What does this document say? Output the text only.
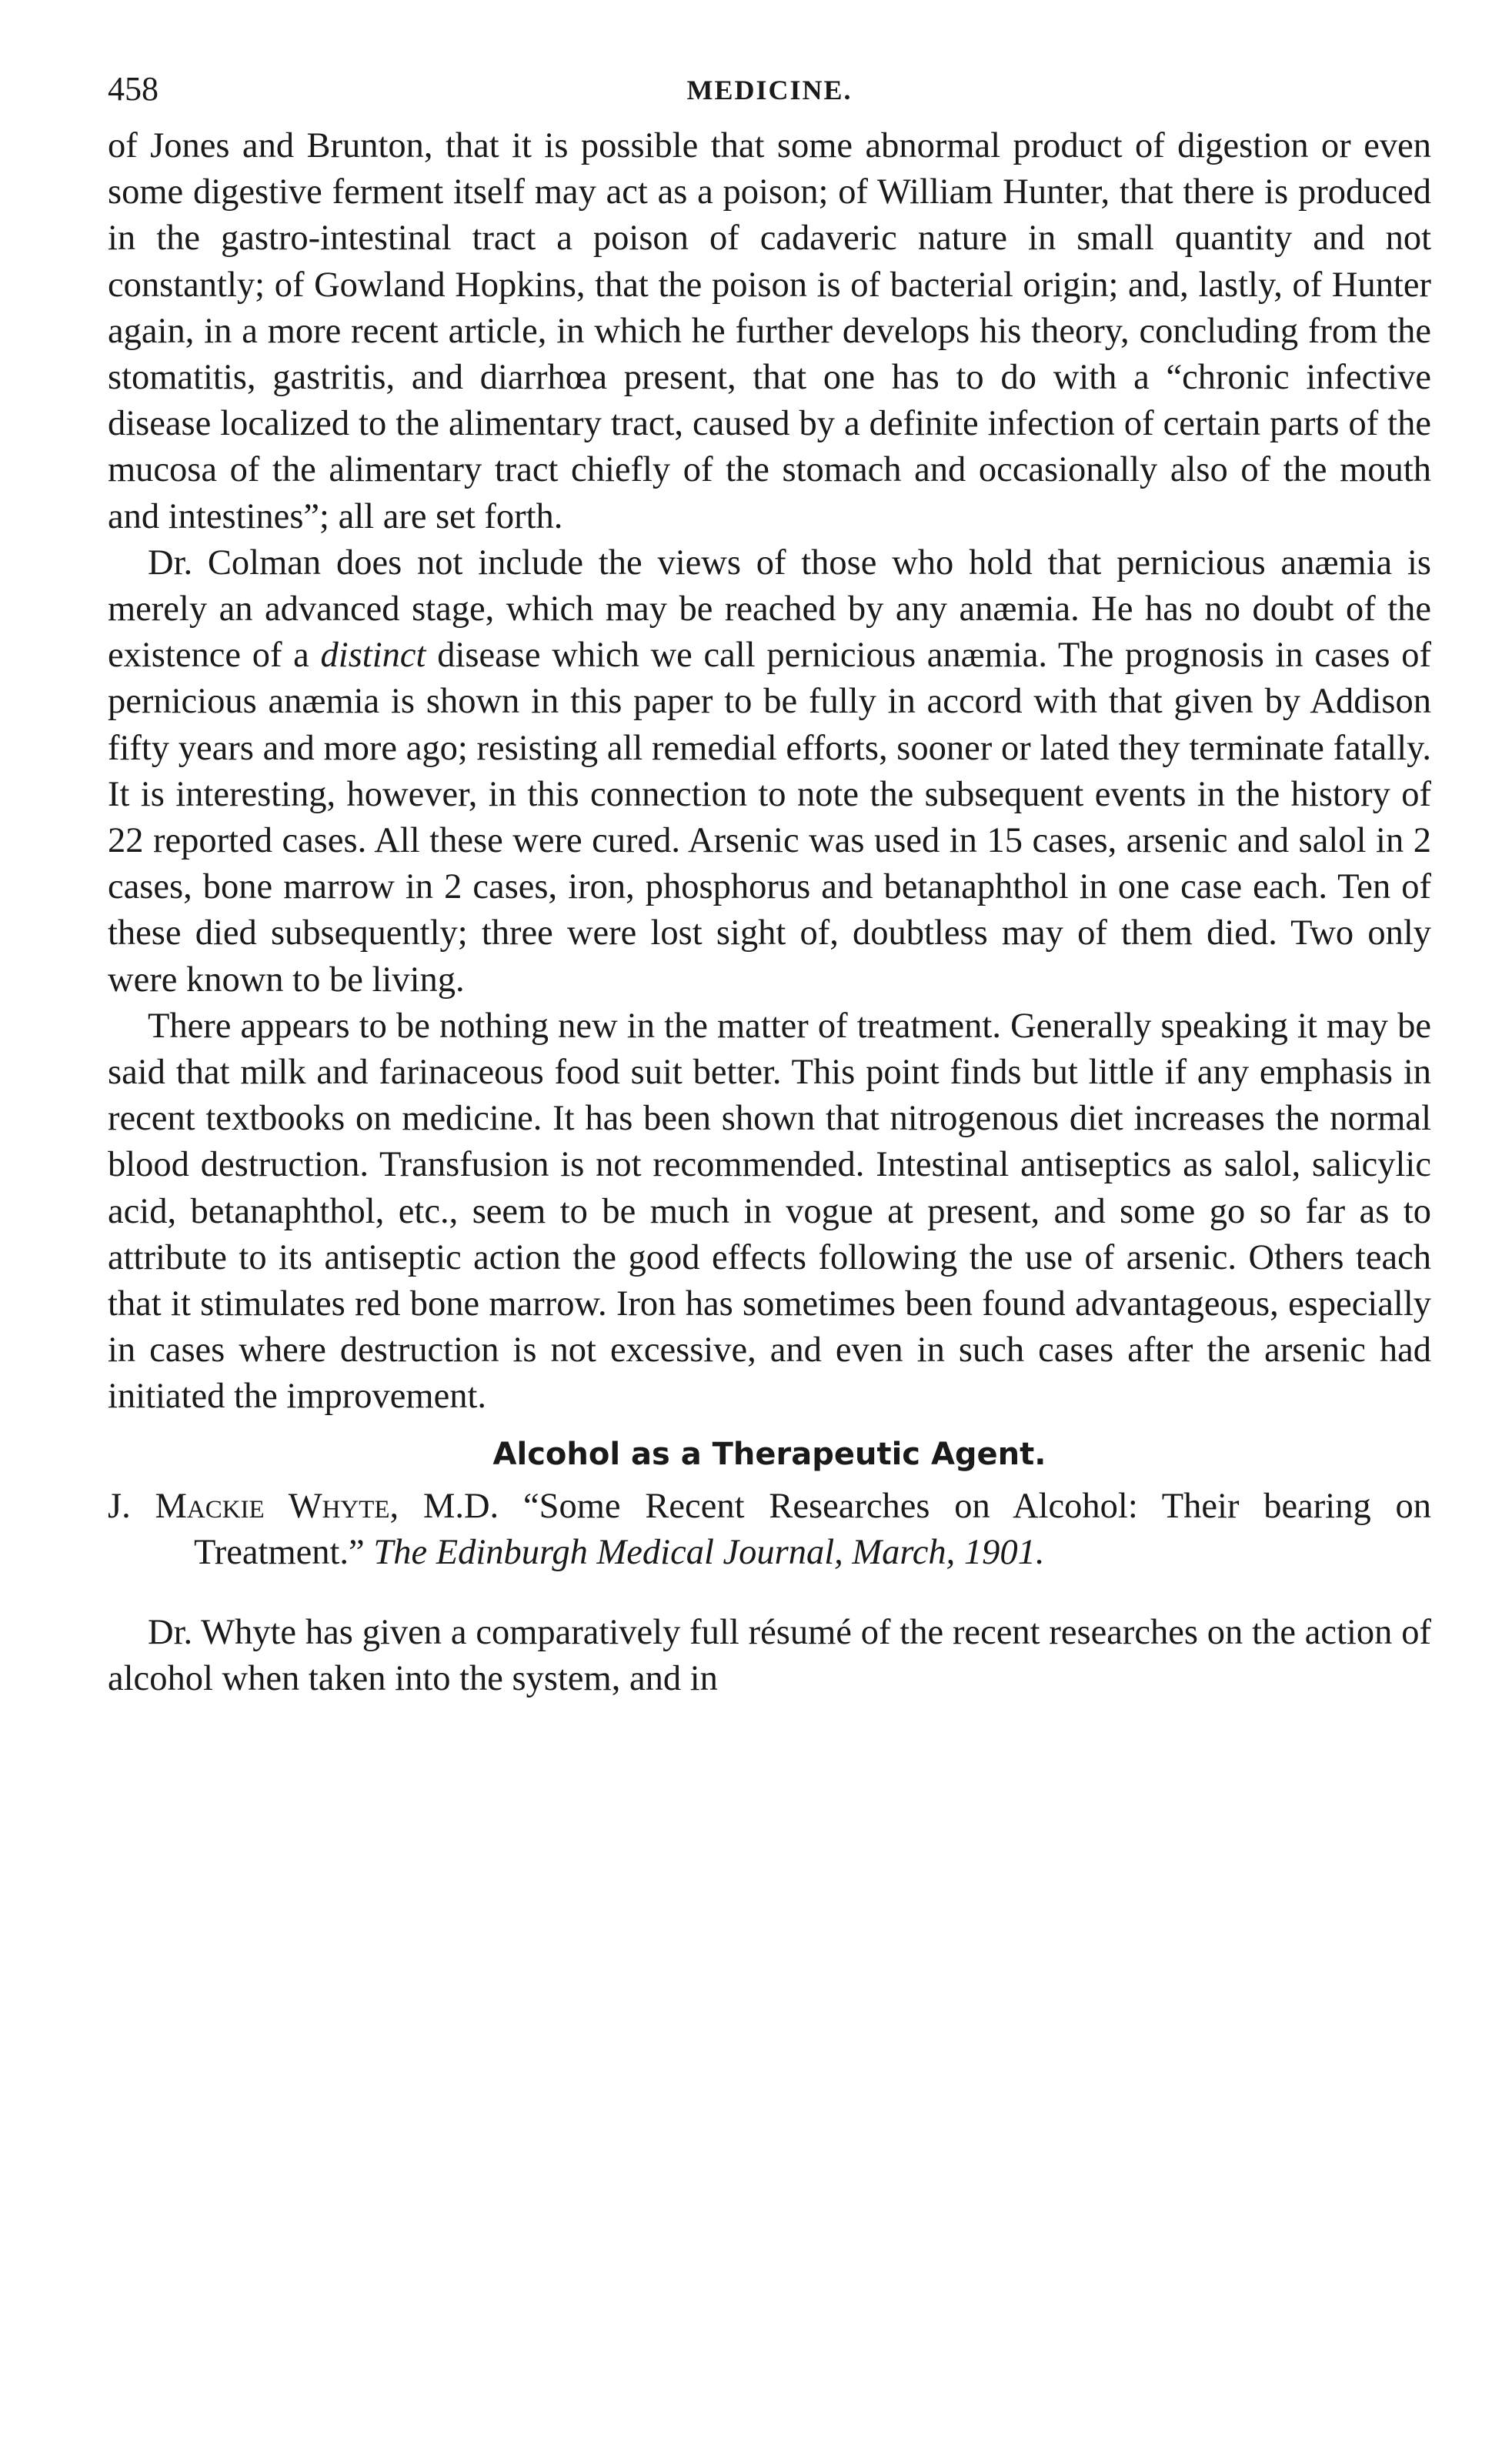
458	MEDICINE.

of Jones and Brunton, that it is possible that some abnormal product of digestion or even some digestive ferment itself may act as a poison; of William Hunter, that there is produced in the gastro-intestinal tract a poison of cadaveric nature in small quantity and not constantly; of Gowland Hopkins, that the poison is of bacterial origin; and, lastly, of Hunter again, in a more recent article, in which he further develops his theory, concluding from the stomatitis, gastritis, and diarrhœa present, that one has to do with a “chronic infective disease localized to the alimentary tract, caused by a definite infection of certain parts of the mucosa of the alimentary tract chiefly of the stomach and occasionally also of the mouth and intestines”; all are set forth.

Dr. Colman does not include the views of those who hold that pernicious anæmia is merely an advanced stage, which may be reached by any anæmia. He has no doubt of the existence of a distinct disease which we call pernicious anæmia. The prognosis in cases of pernicious anæmia is shown in this paper to be fully in accord with that given by Addison fifty years and more ago; resisting all remedial efforts, sooner or lated they terminate fatally. It is interesting, however, in this connection to note the subsequent events in the history of 22 reported cases. All these were cured. Arsenic was used in 15 cases, arsenic and salol in 2 cases, bone marrow in 2 cases, iron, phosphorus and betanaphthol in one case each. Ten of these died subsequently; three were lost sight of, doubtless may of them died. Two only were known to be living.

There appears to be nothing new in the matter of treatment. Generally speaking it may be said that milk and farinaceous food suit better. This point finds but little if any emphasis in recent textbooks on medicine. It has been shown that nitrogenous diet increases the normal blood destruction. Transfusion is not recommended. Intestinal antiseptics as salol, salicylic acid, betanaphthol, etc., seem to be much in vogue at present, and some go so far as to attribute to its antiseptic action the good effects following the use of arsenic. Others teach that it stimulates red bone marrow. Iron has sometimes been found advantageous, especially in cases where destruction is not excessive, and even in such cases after the arsenic had initiated the improvement.

Alcohol as a Therapeutic Agent.

J. Mackie Whyte, M.D. “Some Recent Researches on Alcohol: Their bearing on Treatment.” The Edinburgh Medical Journal, March, 1901.

Dr. Whyte has given a comparatively full résumé of the recent researches on the action of alcohol when taken into the system, and in
